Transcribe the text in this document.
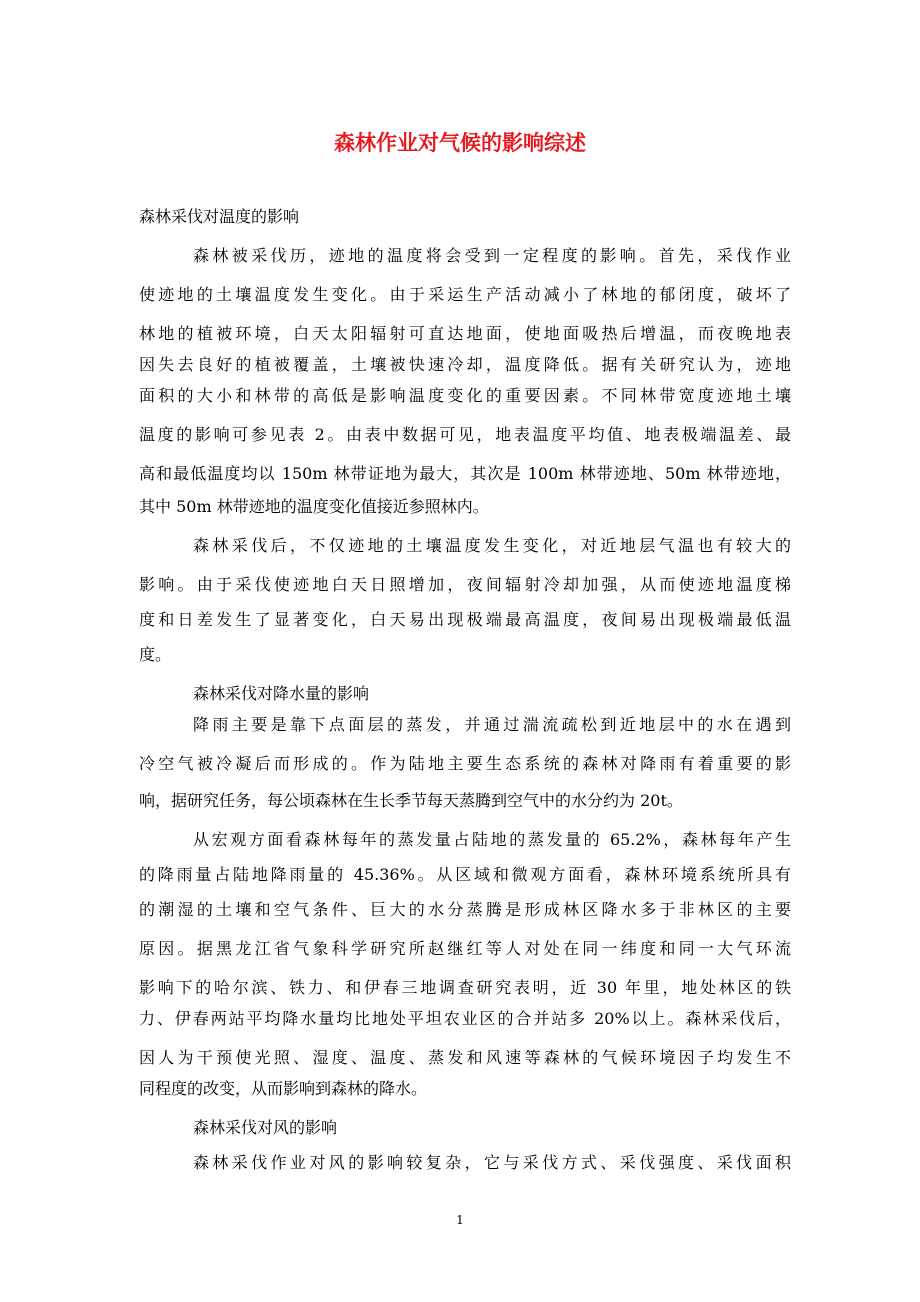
森林作业对气候的影响综述

森林采伐对温度的影响

森林被采伐历，迹地的温度将会受到一定程度的影响。首先，采伐作业

使迹地的土壤温度发生变化。由于采运生产活动减小了林地的郁闭度，破坏了

林地的植被环境，白天太阳辐射可直达地面，使地面吸热后增温，而夜晚地表

因失去良好的植被覆盖，土壤被快速冷却，温度降低。据有关研究认为，迹地

面积的大小和林带的高低是影响温度变化的重要因素。不同林带宽度迹地土壤

温度的影响可参见表 2。由表中数据可见，地表温度平均值、地表极端温差、最

高和最低温度均以 150m 林带证地为最大，其次是 100m 林带迹地、50m 林带迹地，

其中 50m 林带迹地的温度变化值接近参照林内。

森林采伐后，不仅迹地的土壤温度发生变化，对近地层气温也有较大的

影响。由于采伐使迹地白天日照增加，夜间辐射冷却加强，从而使迹地温度梯

度和日差发生了显著变化，白天易出现极端最高温度，夜间易出现极端最低温

度。

森林采伐对降水量的影响

降雨主要是靠下点面层的蒸发，并通过湍流疏松到近地层中的水在遇到

冷空气被冷凝后而形成的。作为陆地主要生态系统的森林对降雨有着重要的影

响，据研究任务，每公顷森林在生长季节每天蒸腾到空气中的水分约为 20t。

从宏观方面看森林每年的蒸发量占陆地的蒸发量的 65.2%，森林每年产生

的降雨量占陆地降雨量的 45.36%。从区域和微观方面看，森林环境系统所具有

的潮湿的土壤和空气条件、巨大的水分蒸腾是形成林区降水多于非林区的主要

原因。据黑龙江省气象科学研究所赵继红等人对处在同一纬度和同一大气环流

影响下的哈尔滨、铁力、和伊春三地调查研究表明，近 30 年里，地处林区的铁

力、伊春两站平均降水量均比地处平坦农业区的合并站多 20%以上。森林采伐后，

因人为干预使光照、湿度、温度、蒸发和风速等森林的气候环境因子均发生不

同程度的改变，从而影响到森林的降水。

森林采伐对风的影响

森林采伐作业对风的影响较复杂，它与采伐方式、采伐强度、采伐面积

1
